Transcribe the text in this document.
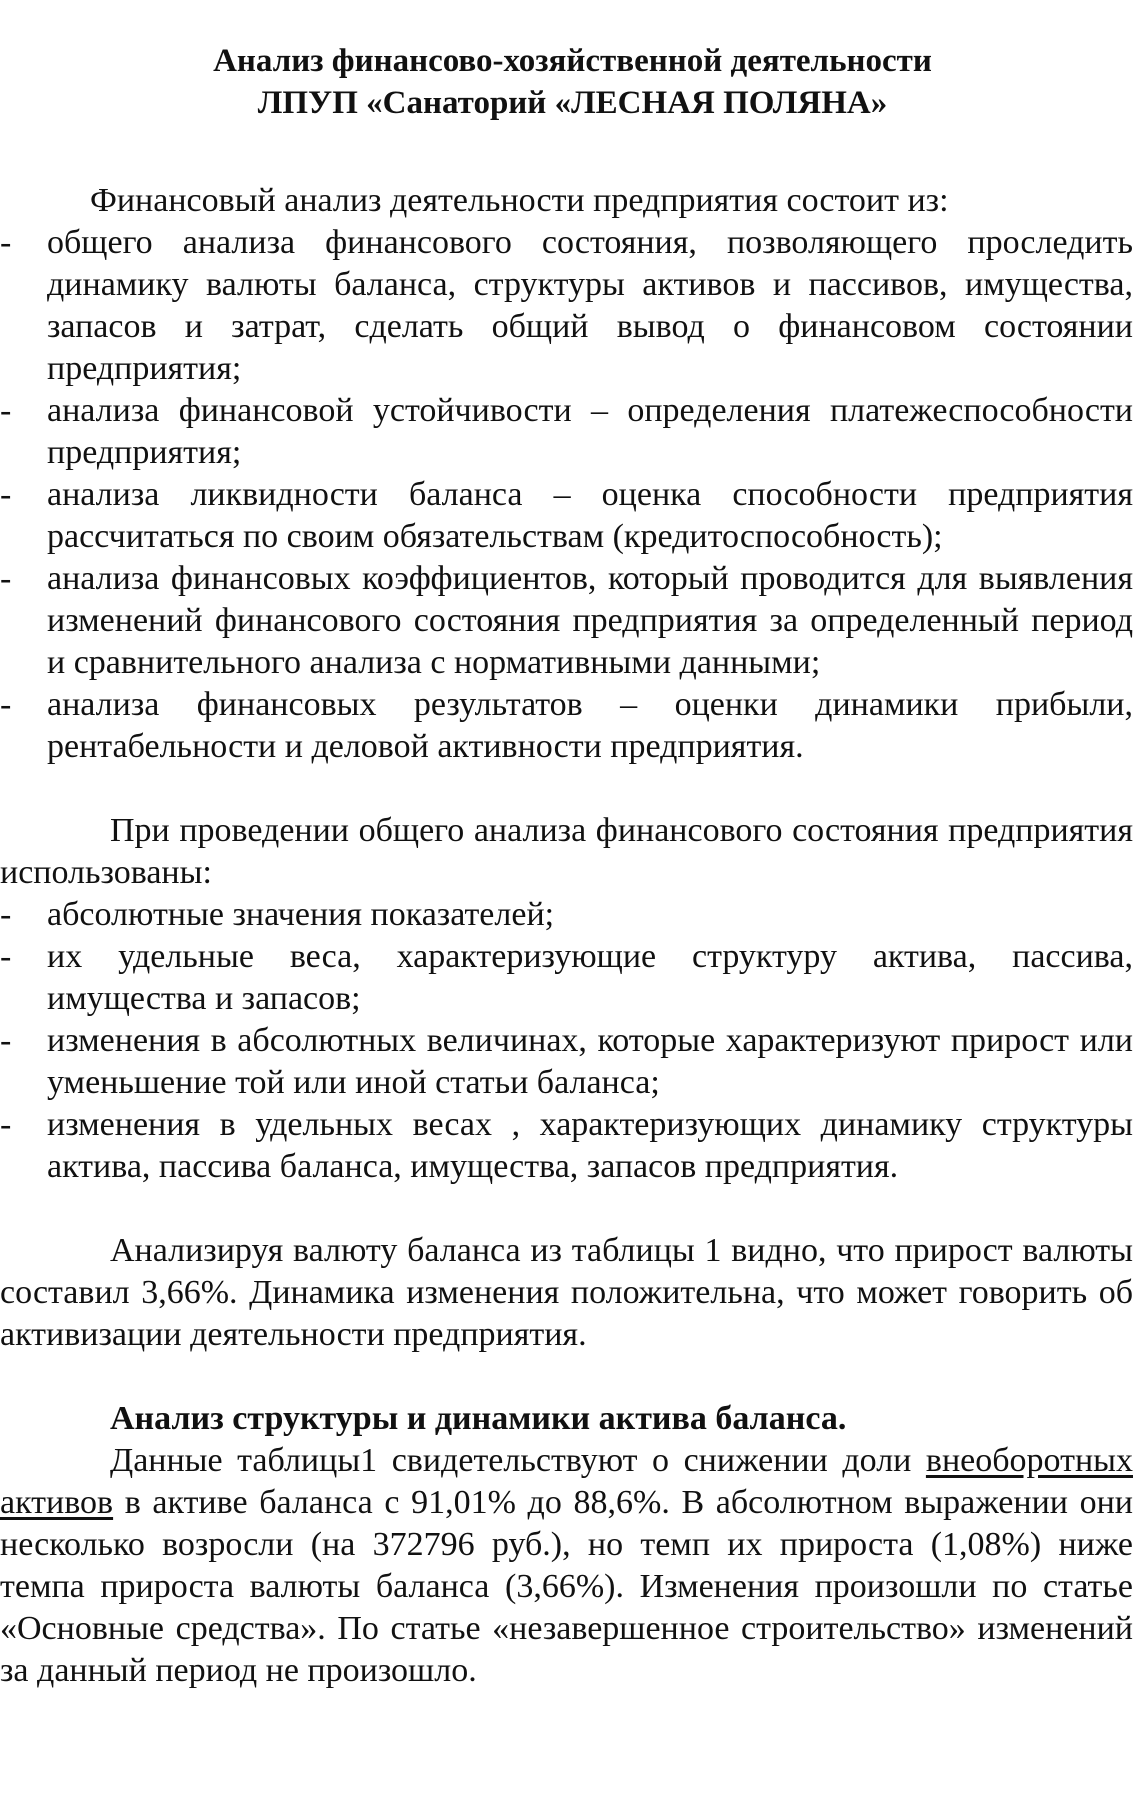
Анализ финансово-хозяйственной деятельности

ЛПУП «Санаторий «ЛЕСНАЯ ПОЛЯНА»

Финансовый анализ деятельности предприятия состоит из:

- общего анализа финансового состояния, позволяющего проследить динамику валюты баланса, структуры активов и пассивов, имущества, запасов и затрат, сделать общий вывод о финансовом состоянии предприятия;
- анализа финансовой устойчивости – определения платежеспособности предприятия;
- анализа ликвидности баланса – оценка способности предприятия рассчитаться по своим обязательствам (кредитоспособность);
- анализа финансовых коэффициентов, который проводится для выявления изменений финансового состояния предприятия за определенный период и сравнительного анализа с нормативными данными;
- анализа финансовых результатов – оценки динамики прибыли, рентабельности и деловой активности предприятия.

При проведении общего анализа финансового состояния предприятия использованы:

- абсолютные значения показателей;
- их удельные веса, характеризующие структуру актива, пассива, имущества и запасов;
- изменения в абсолютных величинах, которые характеризуют прирост или уменьшение той или иной статьи баланса;
- изменения в удельных весах , характеризующих динамику структуры актива, пассива баланса, имущества, запасов предприятия.

Анализируя валюту баланса из таблицы 1 видно, что прирост валюты составил 3,66%. Динамика изменения положительна, что может говорить об активизации деятельности предприятия.

Анализ структуры и динамики актива баланса.

Данные таблицы1 свидетельствуют о снижении доли внеоборотных активов в активе баланса с 91,01% до 88,6%. В абсолютном выражении они несколько возросли (на 372796 руб.), но темп их прироста (1,08%) ниже темпа прироста валюты баланса (3,66%). Изменения произошли по статье «Основные средства». По статье «незавершенное строительство» изменений за данный период не произошло.
